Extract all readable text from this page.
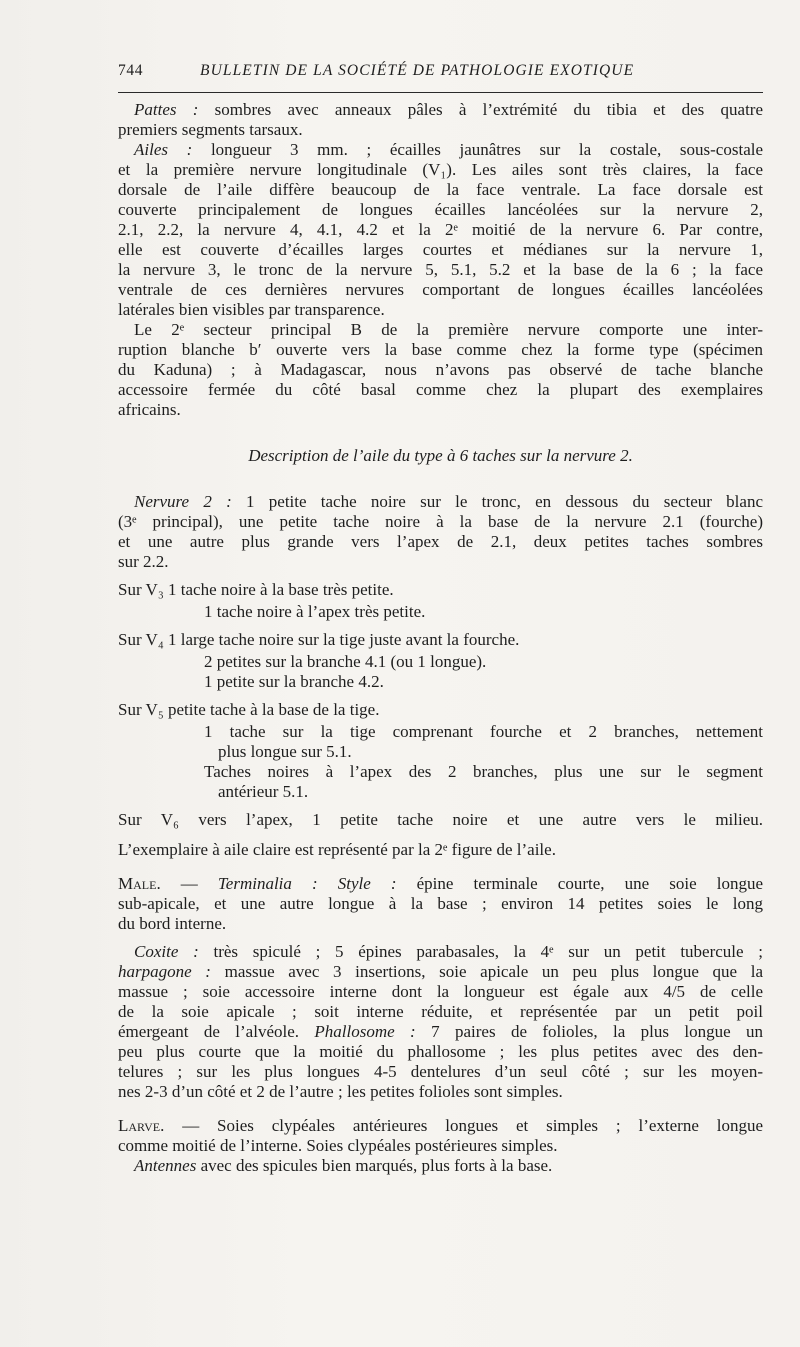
744	BULLETIN DE LA SOCIÉTÉ DE PATHOLOGIE EXOTIQUE
Pattes : sombres avec anneaux pâles à l’extrémité du tibia et des quatre
premiers segments tarsaux.
Ailes : longueur 3 mm. ; écailles jaunâtres sur la costale, sous-costale
et la première nervure longitudinale (V₁). Les ailes sont très claires, la face
dorsale de l’aile diffère beaucoup de la face ventrale. La face dorsale est
couverte principalement de longues écailles lancéolées sur la nervure 2,
2.1, 2.2, la nervure 4, 4.1, 4.2 et la 2ᵉ moitié de la nervure 6. Par contre,
elle est couverte d’écailles larges courtes et médianes sur la nervure 1,
la nervure 3, le tronc de la nervure 5, 5.1, 5.2 et la base de la 6 ; la face
ventrale de ces dernières nervures comportant de longues écailles lancéolées
latérales bien visibles par transparence.
Le 2ᵉ secteur principal B de la première nervure comporte une inter-
ruption blanche b′ ouverte vers la base comme chez la forme type (spécimen
du Kaduna) ; à Madagascar, nous n’avons pas observé de tache blanche
accessoire fermée du côté basal comme chez la plupart des exemplaires
africains.
Description de l’aile du type à 6 taches sur la nervure 2.
Nervure 2 : 1 petite tache noire sur le tronc, en dessous du secteur blanc
(3ᵉ principal), une petite tache noire à la base de la nervure 2.1 (fourche)
et une autre plus grande vers l’apex de 2.1, deux petites taches sombres
sur 2.2.
Sur V₃ 1 tache noire à la base très petite.
1 tache noire à l’apex très petite.
Sur V₄ 1 large tache noire sur la tige juste avant la fourche.
2 petites sur la branche 4.1 (ou 1 longue).
1 petite sur la branche 4.2.
Sur V₅ petite tache à la base de la tige.
1 tache sur la tige comprenant fourche et 2 branches, nettement
plus longue sur 5.1.
Taches noires à l’apex des 2 branches, plus une sur le segment
antérieur 5.1.
Sur V₆ vers l’apex, 1 petite tache noire et une autre vers le milieu.
L’exemplaire à aile claire est représenté par la 2ᵉ figure de l’aile.
Male. — Terminalia : Style : épine terminale courte, une soie longue
sub-apicale, et une autre longue à la base ; environ 14 petites soies le long
du bord interne.
Coxite : très spiculé ; 5 épines parabasales, la 4ᵉ sur un petit tubercule ;
harpagone : massue avec 3 insertions, soie apicale un peu plus longue que la
massue ; soie accessoire interne dont la longueur est égale aux 4/5 de celle
de la soie apicale ; soit interne réduite, et représentée par un petit poil
émergeant de l’alvéole. Phallosome : 7 paires de folioles, la plus longue un
peu plus courte que la moitié du phallosome ; les plus petites avec des den-
telures ; sur les plus longues 4-5 dentelures d’un seul côté ; sur les moyen-
nes 2-3 d’un côté et 2 de l’autre ; les petites folioles sont simples.
Larve. — Soies clypéales antérieures longues et simples ; l’externe longue
comme moitié de l’interne. Soies clypéales postérieures simples.
Antennes avec des spicules bien marqués, plus forts à la base.
